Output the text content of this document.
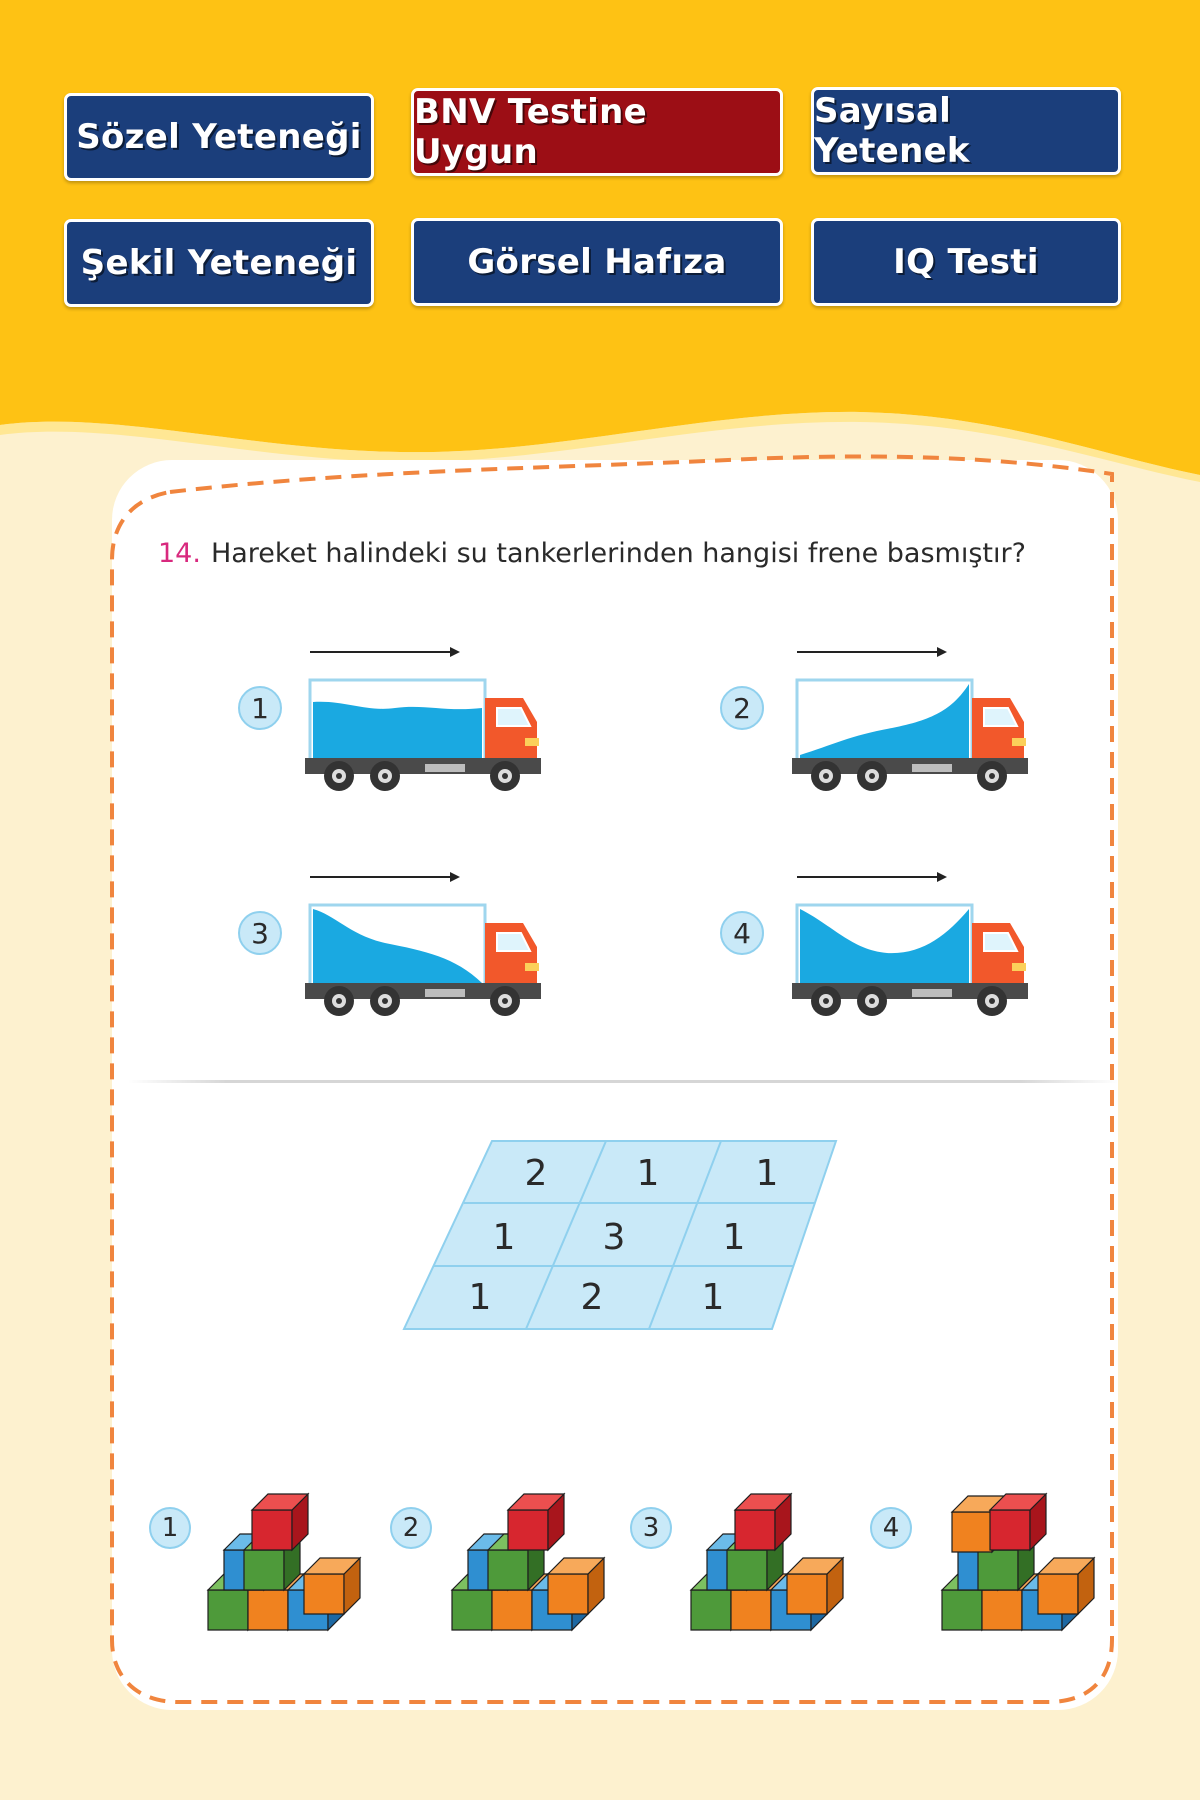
Sözel Yeteneği
BNV Testine Uygun
Sayısal Yetenek
Şekil Yeteneği	Görsel Hafıza	IQ Testi
14. Hareket halindeki su tankerlerinden hangisi frene basmıştır?
1	2
3	4
2 1	1
1 3	1
1 2	1
1	2	3	4
